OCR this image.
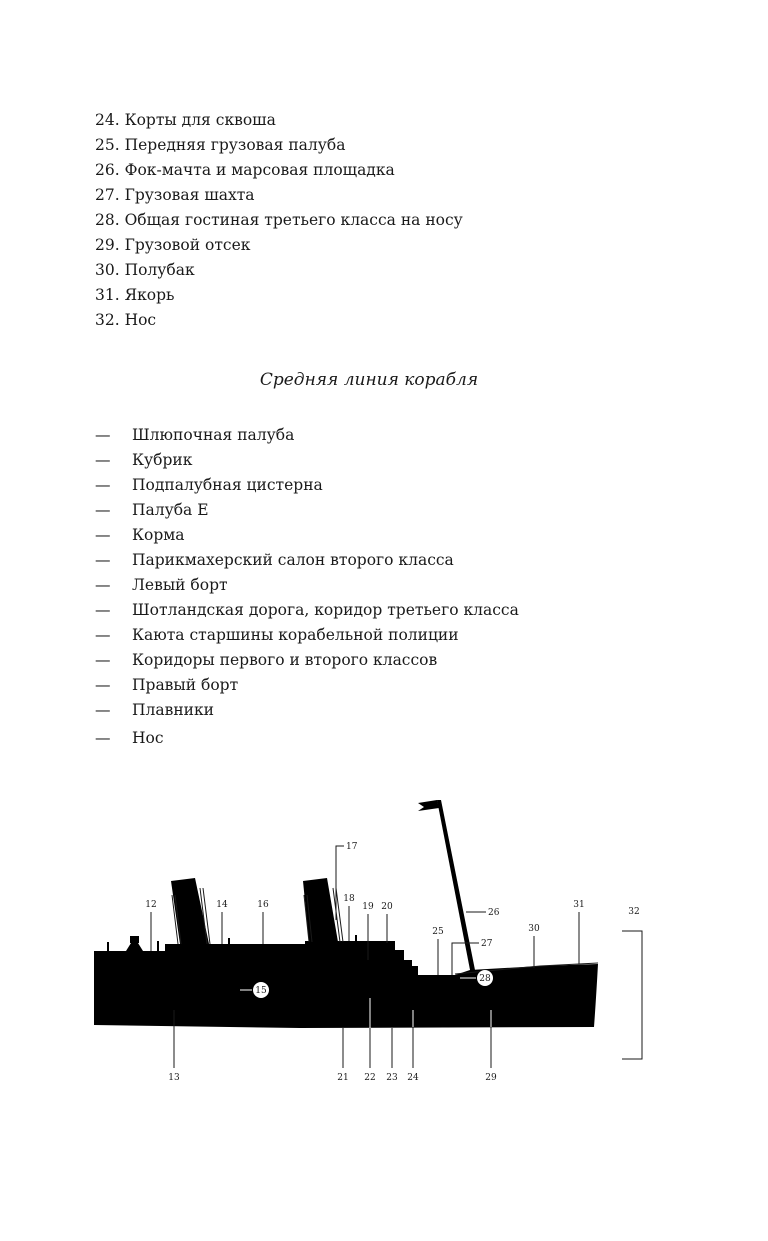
24. Корты для сквоша
25. Передняя грузовая палуба
26. Фок-мачта и марсовая площадка
27. Грузовая шахта
28. Общая гостиная третьего класса на носу
29. Грузовой отсек
30. Полубак
31. Якорь
32. Нос
Средняя линия корабля
— Шлюпочная палуба
— Кубрик
— Подпалубная цистерна
— Палуба E
— Корма
— Парикмахерский салон второго класса
— Левый борт
— Шотландская дорога, коридор третьего класса
— Каюта старшины корабельной полиции
— Коридоры первого и второго классов
— Правый борт
— Плавники
— Нос
12
13
14
15
16
17
18
19 20
21 22 23 24
25
26
27
28
29
30
31
32
